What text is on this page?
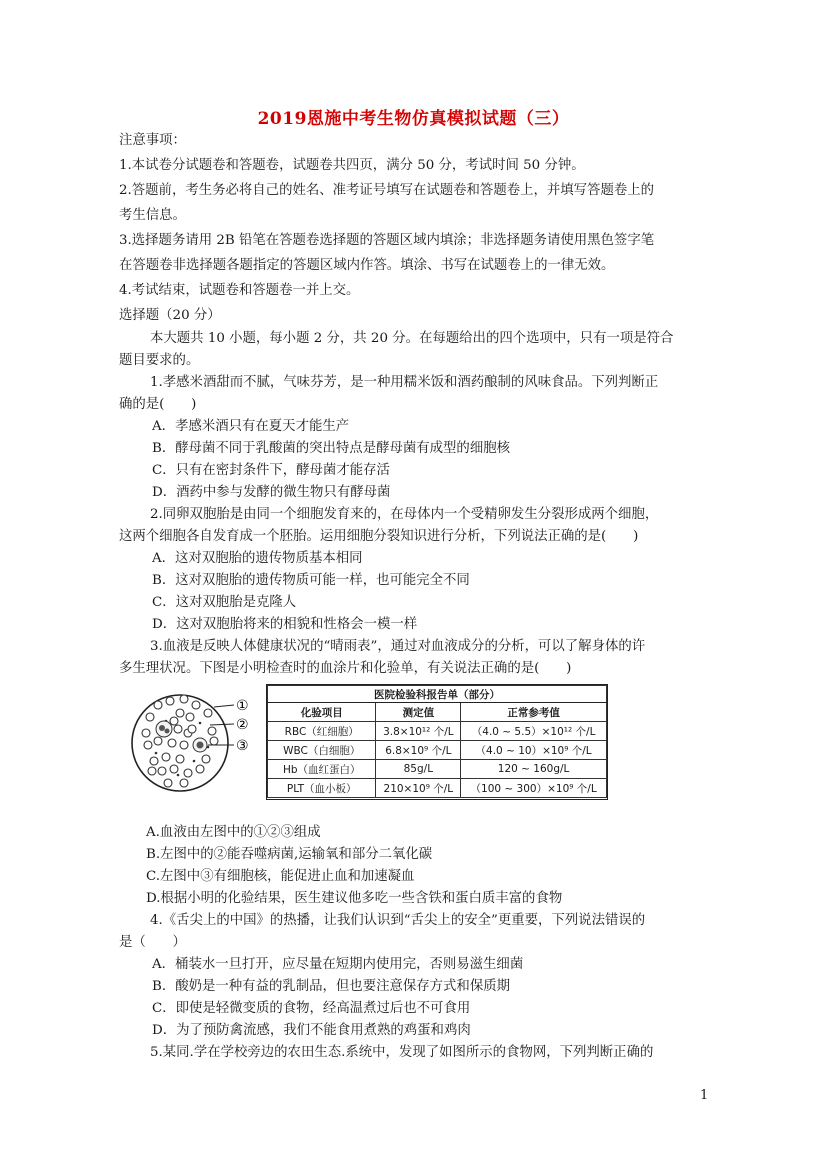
2019恩施中考生物仿真模拟试题（三）
注意事项：
1.本试卷分试题卷和答题卷，试题卷共四页，满分 50 分，考试时间 50 分钟。
2.答题前，考生务必将自己的姓名、准考证号填写在试题卷和答题卷上，并填写答题卷上的
考生信息。
3.选择题务请用 2B 铅笔在答题卷选择题的答题区域内填涂；非选择题务请使用黑色签字笔
在答题卷非选择题各题指定的答题区域内作答。填涂、书写在试题卷上的一律无效。
4.考试结束，试题卷和答题卷一并上交。
选择题（20 分）
本大题共 10 小题，每小题 2 分，共 20 分。在每题给出的四个选项中，只有一项是符合
题目要求的。
1.孝感米酒甜而不腻，气味芬芳，是一种用糯米饭和酒药酿制的风味食品。下列判断正
确的是(　　)
A．孝感米酒只有在夏天才能生产
B．酵母菌不同于乳酸菌的突出特点是酵母菌有成型的细胞核
C．只有在密封条件下，酵母菌才能存活
D．酒药中参与发酵的微生物只有酵母菌
2.同卵双胞胎是由同一个细胞发育来的，在母体内一个受精卵发生分裂形成两个细胞，
这两个细胞各自发育成一个胚胎。运用细胞分裂知识进行分析，下列说法正确的是(　　)
A．这对双胞胎的遗传物质基本相同
B．这对双胞胎的遗传物质可能一样，也可能完全不同
C．这对双胞胎是克隆人
D．这对双胞胎将来的相貌和性格会一模一样
3.血液是反映人体健康状况的“晴雨表”，通过对血液成分的分析，可以了解身体的许
多生理状况。下图是小明检查时的血涂片和化验单，有关说法正确的是(　　)
①
②
③
医院检验科报告单（部分）		
化验项目	测定值	正常参考值
RBC（红细胞）	3.8×10¹² 个/L	（4.0 ~ 5.5）×10¹² 个/L
WBC（白细胞）	6.8×10⁹ 个/L	（4.0 ~ 10）×10⁹ 个/L
Hb（血红蛋白）	85g/L	120 ~ 160g/L
PLT（血小板）	210×10⁹ 个/L	（100 ~ 300）×10⁹ 个/L
A.血液由左图中的①②③组成
B.左图中的②能吞噬病菌,运输氧和部分二氧化碳
C.左图中③有细胞核，能促进止血和加速凝血
D.根据小明的化验结果，医生建议他多吃一些含铁和蛋白质丰富的食物
4.《舌尖上的中国》的热播，让我们认识到“舌尖上的安全”更重要，下列说法错误的
是（　　）
A．桶装水一旦打开，应尽量在短期内使用完，否则易滋生细菌
B．酸奶是一种有益的乳制品，但也要注意保存方式和保质期
C．即使是轻微变质的食物，经高温煮过后也不可食用
D．为了预防禽流感，我们不能食用煮熟的鸡蛋和鸡肉
5.某同.学在学校旁边的农田生态.系统中，发现了如图所示的食物网，下列判断正确的
1
